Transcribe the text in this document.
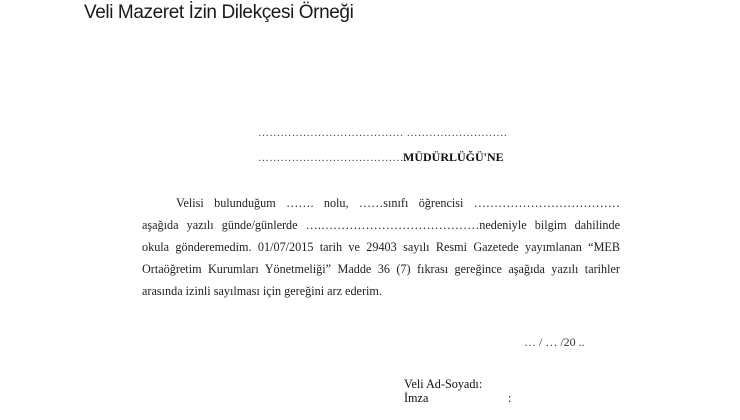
Veli Mazeret İzin Dilekçesi Örneği
………………………………… ………………………
………………………………….
MÜDÜRLÜĞÜ'NE
Velisi bulunduğum ……. nolu, ……sınıfı öğrencisi ………………………………
aşağıda yazılı günde/günlerde ….…………………………………nedeniyle bilgim dahilinde
okula gönderemedim. 01/07/2015 tarih ve 29403 sayılı Resmi Gazetede yayımlanan “MEB
Ortaöğretim Kurumları Yönetmeliği” Madde 36 (7) fıkrası gereğince aşağıda yazılı tarihler
arasında izinli sayılması için gereğini arz ederim.
… / … /20 ..
Veli Ad-Soyadı:
İmza	:
